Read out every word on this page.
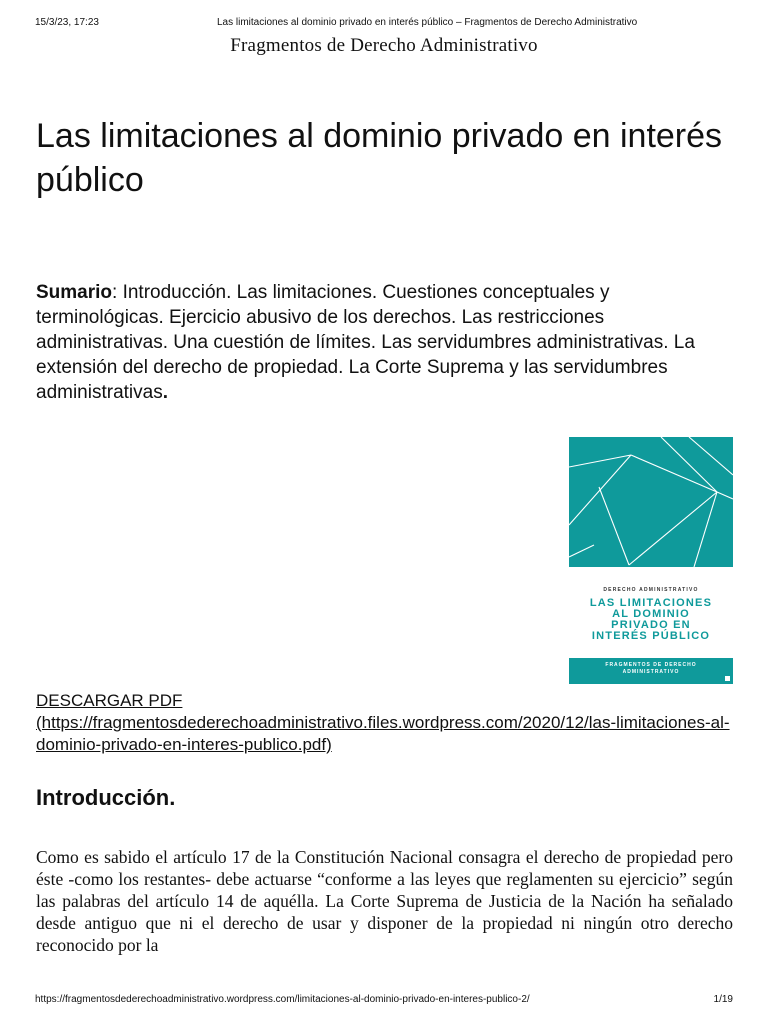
15/3/23, 17:23	Las limitaciones al dominio privado en interés público – Fragmentos de Derecho Administrativo
Fragmentos de Derecho Administrativo
Las limitaciones al dominio privado en interés público
Sumario: Introducción. Las limitaciones. Cuestiones conceptuales y terminológicas. Ejercicio abusivo de los derechos. Las restricciones administrativas. Una cuestión de límites. Las servidumbres administrativas. La extensión del derecho de propiedad. La Corte Suprema y las servidumbres administrativas.
DERECHO ADMINISTRATIVO
LAS LIMITACIONES
AL DOMINIO
PRIVADO EN
INTERÉS PÚBLICO
FRAGMENTOS DE DERECHO
ADMINISTRATIVO
DESCARGAR PDF
(https://fragmentosdederechoadministrativo.files.wordpress.com/2020/12/las-limitaciones-al-dominio-privado-en-interes-publico.pdf)
Introducción.

Como es sabido el artículo 17 de la Constitución Nacional consagra el derecho de propiedad pero éste -como los restantes- debe actuarse “conforme a las leyes que reglamenten su ejercicio” según las palabras del artículo 14 de aquélla. La Corte Suprema de Justicia de la Nación ha señalado desde antiguo que ni el derecho de usar y disponer de la propiedad ni ningún otro derecho reconocido por la

https://fragmentosdederechoadministrativo.wordpress.com/limitaciones-al-dominio-privado-en-interes-publico-2/	1/19
